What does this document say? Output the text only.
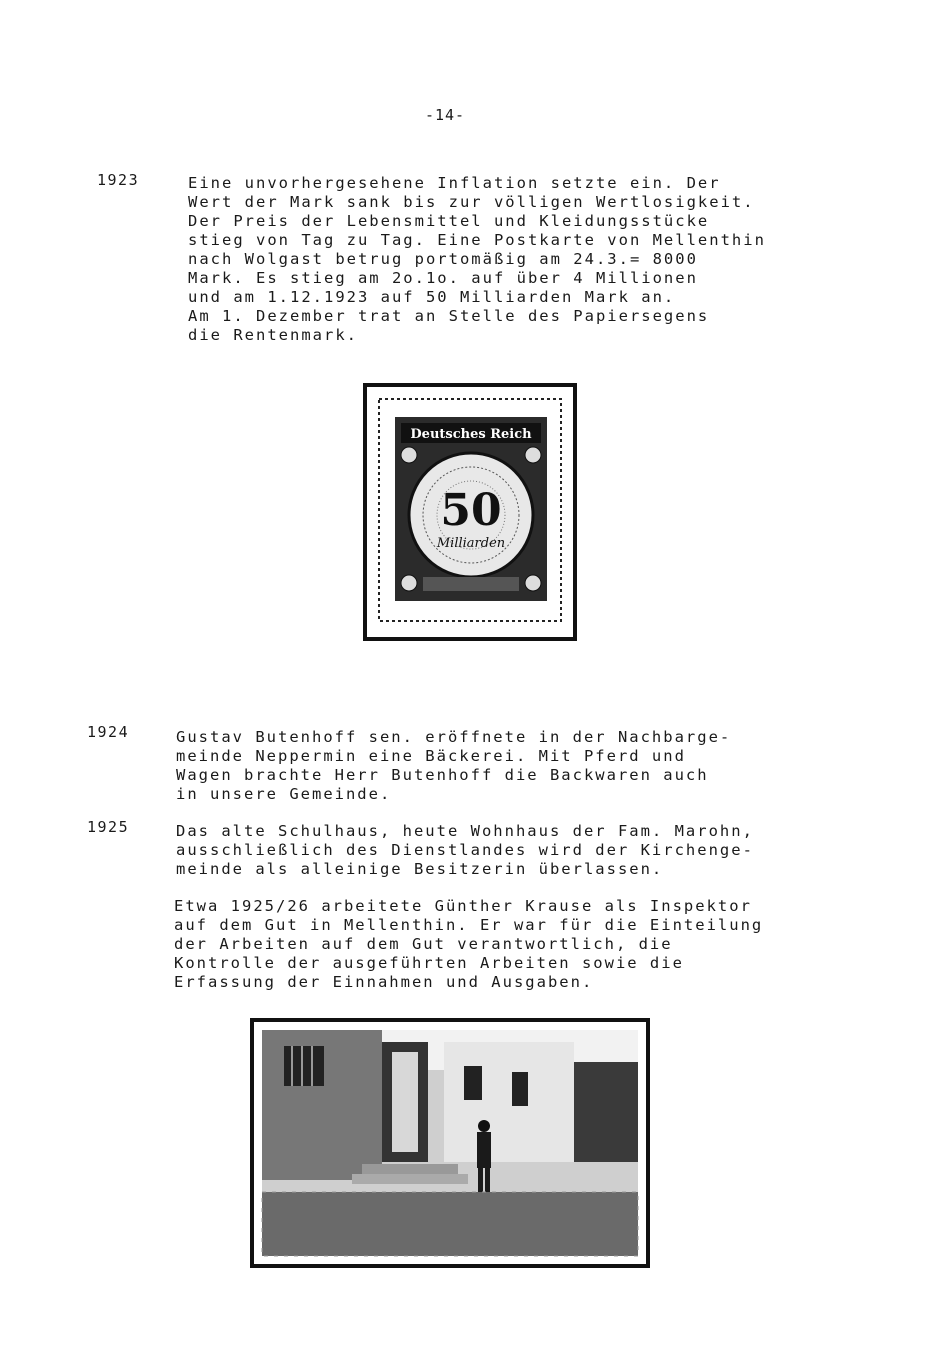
-14-
1923	Eine unvorhergesehene Inflation setzte ein. Der
Wert der Mark sank bis zur völligen Wertlosigkeit.
Der Preis der Lebensmittel und Kleidungsstücke
stieg von Tag zu Tag. Eine Postkarte von Mellenthin
nach Wolgast betrug portomäßig am 24.3.= 8000
Mark. Es stieg am 2o.1o. auf über 4 Millionen
und am 1.12.1923 auf 50 Milliarden Mark an.
Am 1. Dezember trat an Stelle des Papiersegens
die Rentenmark.
Deutsches Reich
50
Milliarden
1924	Gustav Butenhoff sen. eröffnete in der Nachbarge-
meinde Neppermin eine Bäckerei. Mit Pferd und
Wagen brachte Herr Butenhoff die Backwaren auch
in unsere Gemeinde.
1925	Das alte Schulhaus, heute Wohnhaus der Fam. Marohn,
ausschließlich des Dienstlandes wird der Kirchenge-
meinde als alleinige Besitzerin überlassen.
Etwa 1925/26 arbeitete Günther Krause als Inspektor
auf dem Gut in Mellenthin. Er war für die Einteilung
der Arbeiten auf dem Gut verantwortlich, die
Kontrolle der ausgeführten Arbeiten sowie die
Erfassung der Einnahmen und Ausgaben.
